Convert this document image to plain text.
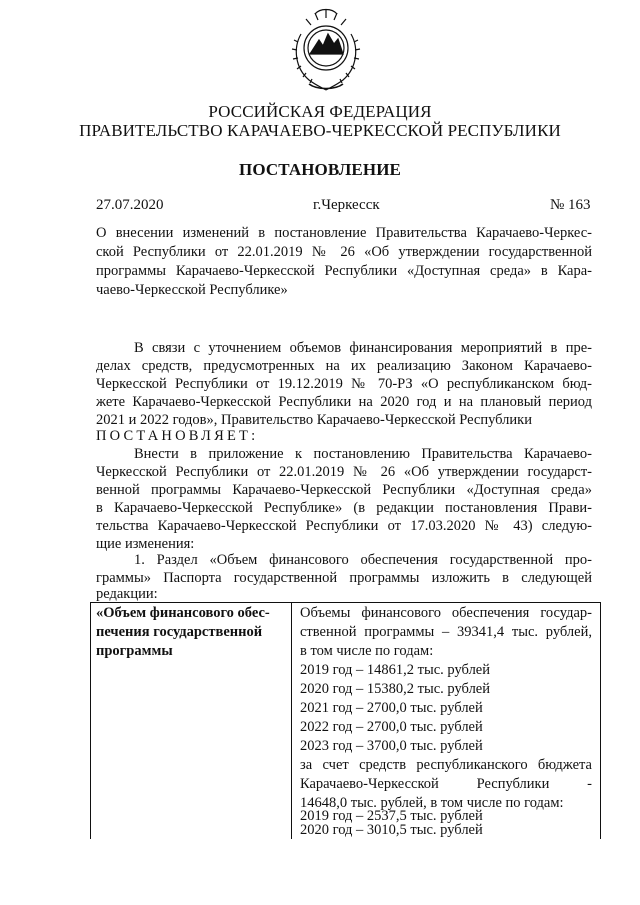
РОССИЙСКАЯ ФЕДЕРАЦИЯ
ПРАВИТЕЛЬСТВО КАРАЧАЕВО-ЧЕРКЕССКОЙ РЕСПУБЛИКИ
ПОСТАНОВЛЕНИЕ
27.07.2020	г.Черкесск	№ 163
О внесении изменений в постановление Правительства Карачаево-Черкес-
ской Республики от 22.01.2019 № 26 «Об утверждении государственной
программы Карачаево-Черкесской Республики «Доступная среда» в Кара-
чаево-Черкесской Республике»
В связи с уточнением объемов финансирования мероприятий в пре-
делах средств, предусмотренных на их реализацию Законом Карачаево-
Черкесской Республики от 19.12.2019 № 70-РЗ «О республиканском бюд-
жете Карачаево-Черкесской Республики на 2020 год и на плановый период
2021 и 2022 годов», Правительство Карачаево-Черкесской Республики
ПОСТАНОВЛЯЕТ:
Внести в приложение к постановлению Правительства Карачаево-
Черкесской Республики от 22.01.2019 № 26 «Об утверждении государст-
венной программы Карачаево-Черкесской Республики «Доступная среда»
в Карачаево-Черкесской Республике» (в редакции постановления Прави-
тельства Карачаево-Черкесской Республики от 17.03.2020 № 43) следую-
щие изменения:
1. Раздел «Объем финансового обеспечения государственной про-
граммы» Паспорта государственной программы изложить в следующей
редакции:
«Объем финансового обес-
печения государственной
программы
Объемы финансового обеспечения государ-
ственной программы – 39341,4 тыс. рублей,
в том числе по годам:
2019 год – 14861,2 тыс. рублей
2020 год – 15380,2 тыс. рублей
2021 год – 2700,0 тыс. рублей
2022 год – 2700,0 тыс. рублей
2023 год – 3700,0 тыс. рублей
за счет средств республиканского бюджета
Карачаево-Черкесской Республики -
14648,0 тыс. рублей, в том числе по годам:
2019 год – 2537,5 тыс. рублей
2020 год – 3010,5 тыс. рублей
